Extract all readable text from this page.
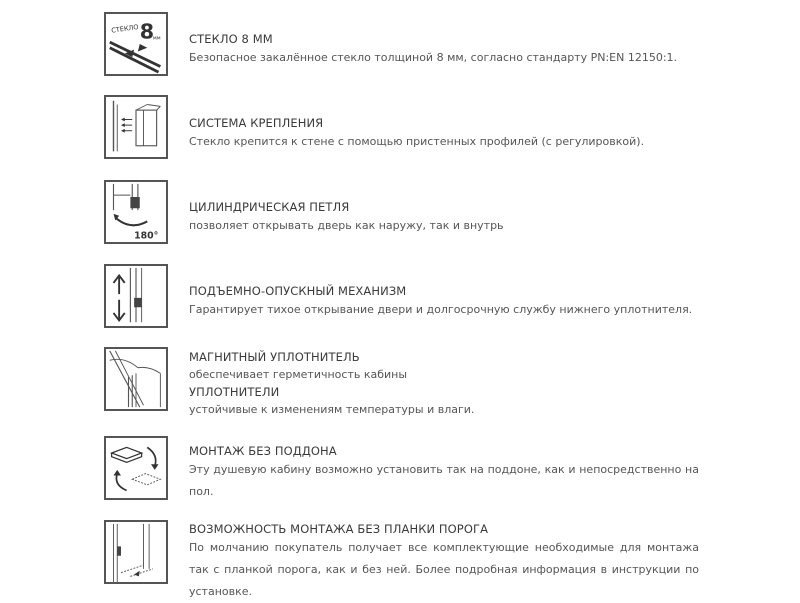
СТЕКЛО 8
мм СТЕКЛО 8 ММ

Безопасное закалённое стекло толщиной 8 мм, согласно стандарту PN:EN 12150:1.

СИСТЕМА КРЕПЛЕНИЯ

Стекло крепится к стене с помощью пристенных профилей (с регулировкой).

180°

ЦИЛИНДРИЧЕСКАЯ ПЕТЛЯ

позволяет открывать дверь как наружу, так и внутрь

ПОДЪЕМНО-ОПУСКНЫЙ МЕХАНИЗМ

Гарантирует тихое открывание двери и долгосрочную службу нижнего уплотнителя.

МАГНИТНЫЙ УПЛОТНИТЕЛЬ

обеспечивает герметичность кабины

УПЛОТНИТЕЛИ

устойчивые к изменениям температуры и влаги.

МОНТАЖ БЕЗ ПОДДОНА

Эту душевую кабину возможно установить так на поддоне, как и непосредственно на пол.

ВОЗМОЖНОСТЬ МОНТАЖА БЕЗ ПЛАНКИ ПОРОГА

По молчанию покупатель получает все комплектующие необходимые для монтажа так с планкой порога, как и без ней. Более подробная информация в инструкции по установке.
